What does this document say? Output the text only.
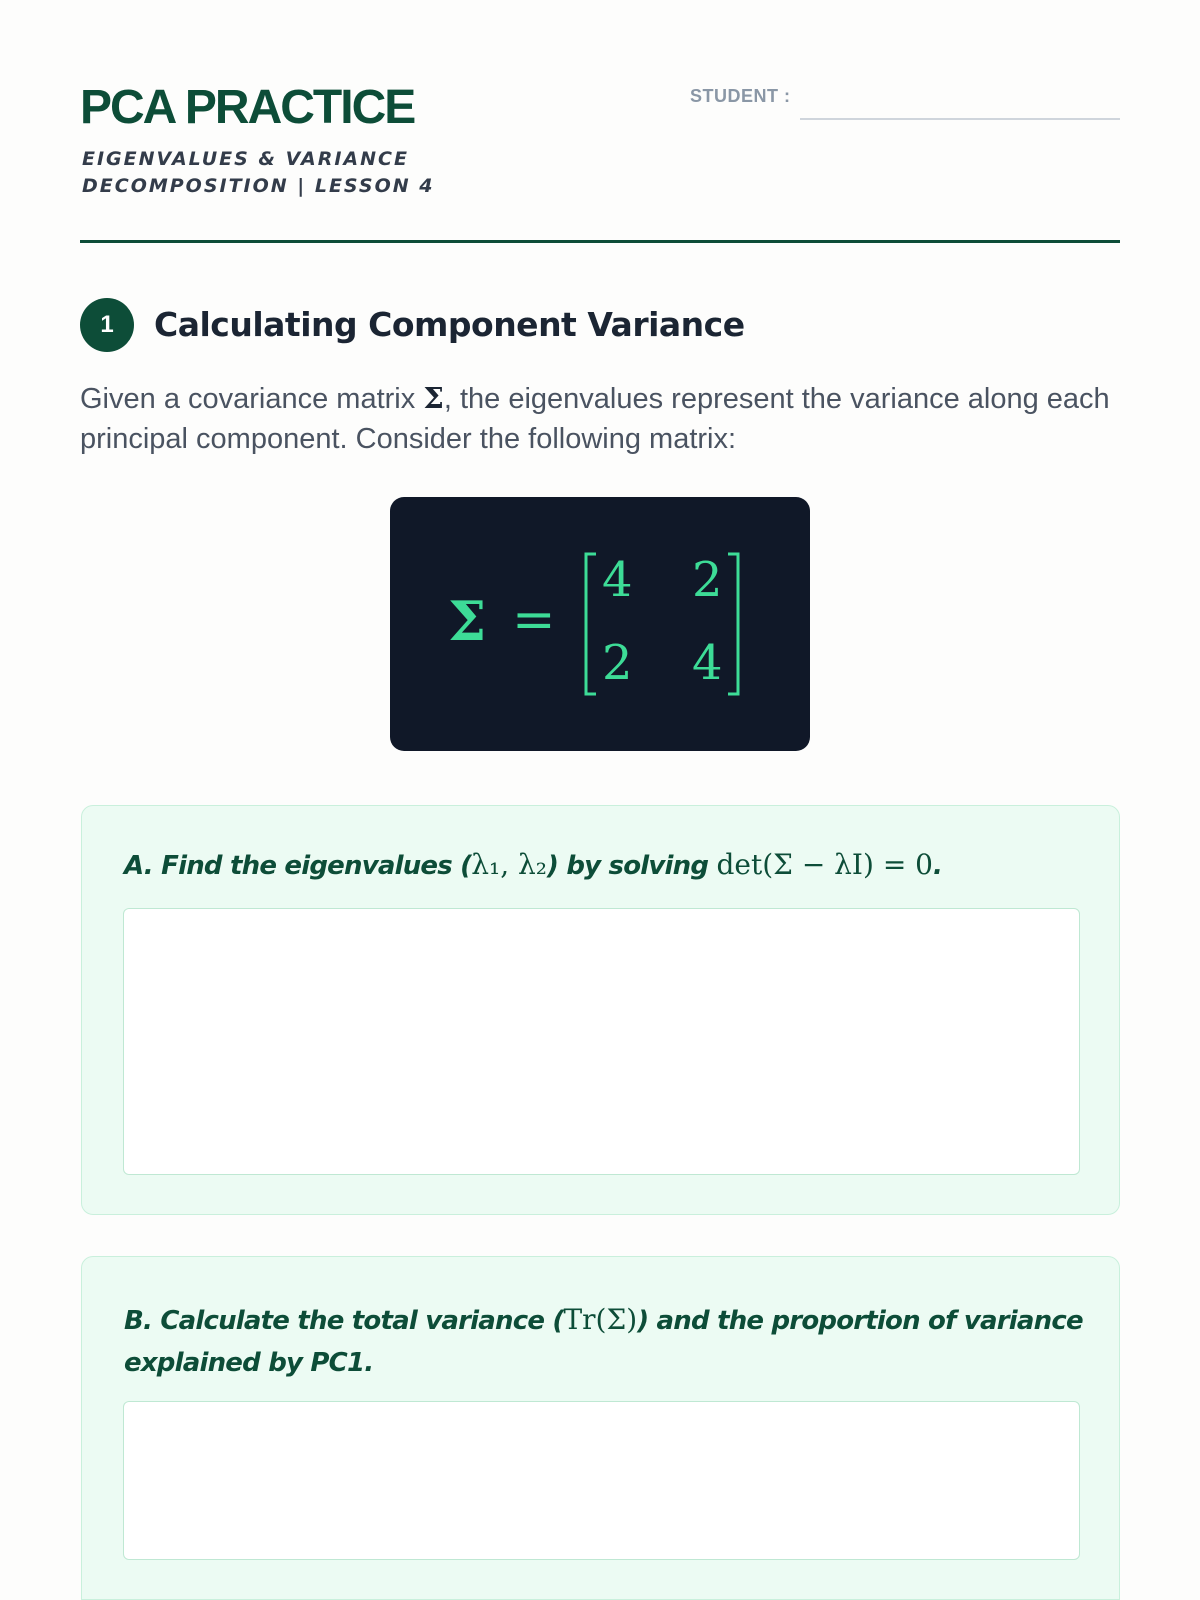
PCA PRACTICE
EIGENVALUES & VARIANCE DECOMPOSITION | LESSON 4
STUDENT :
1	Calculating Component Variance
Given a covariance matrix Σ, the eigenvalues represent the variance along each principal component. Consider the following matrix:
Σ =
4 2
2 4
A. Find the eigenvalues (λ₁, λ₂) by solving det(Σ − λI) = 0.
B. Calculate the total variance (Tr(Σ)) and the proportion of variance explained by PC1.
